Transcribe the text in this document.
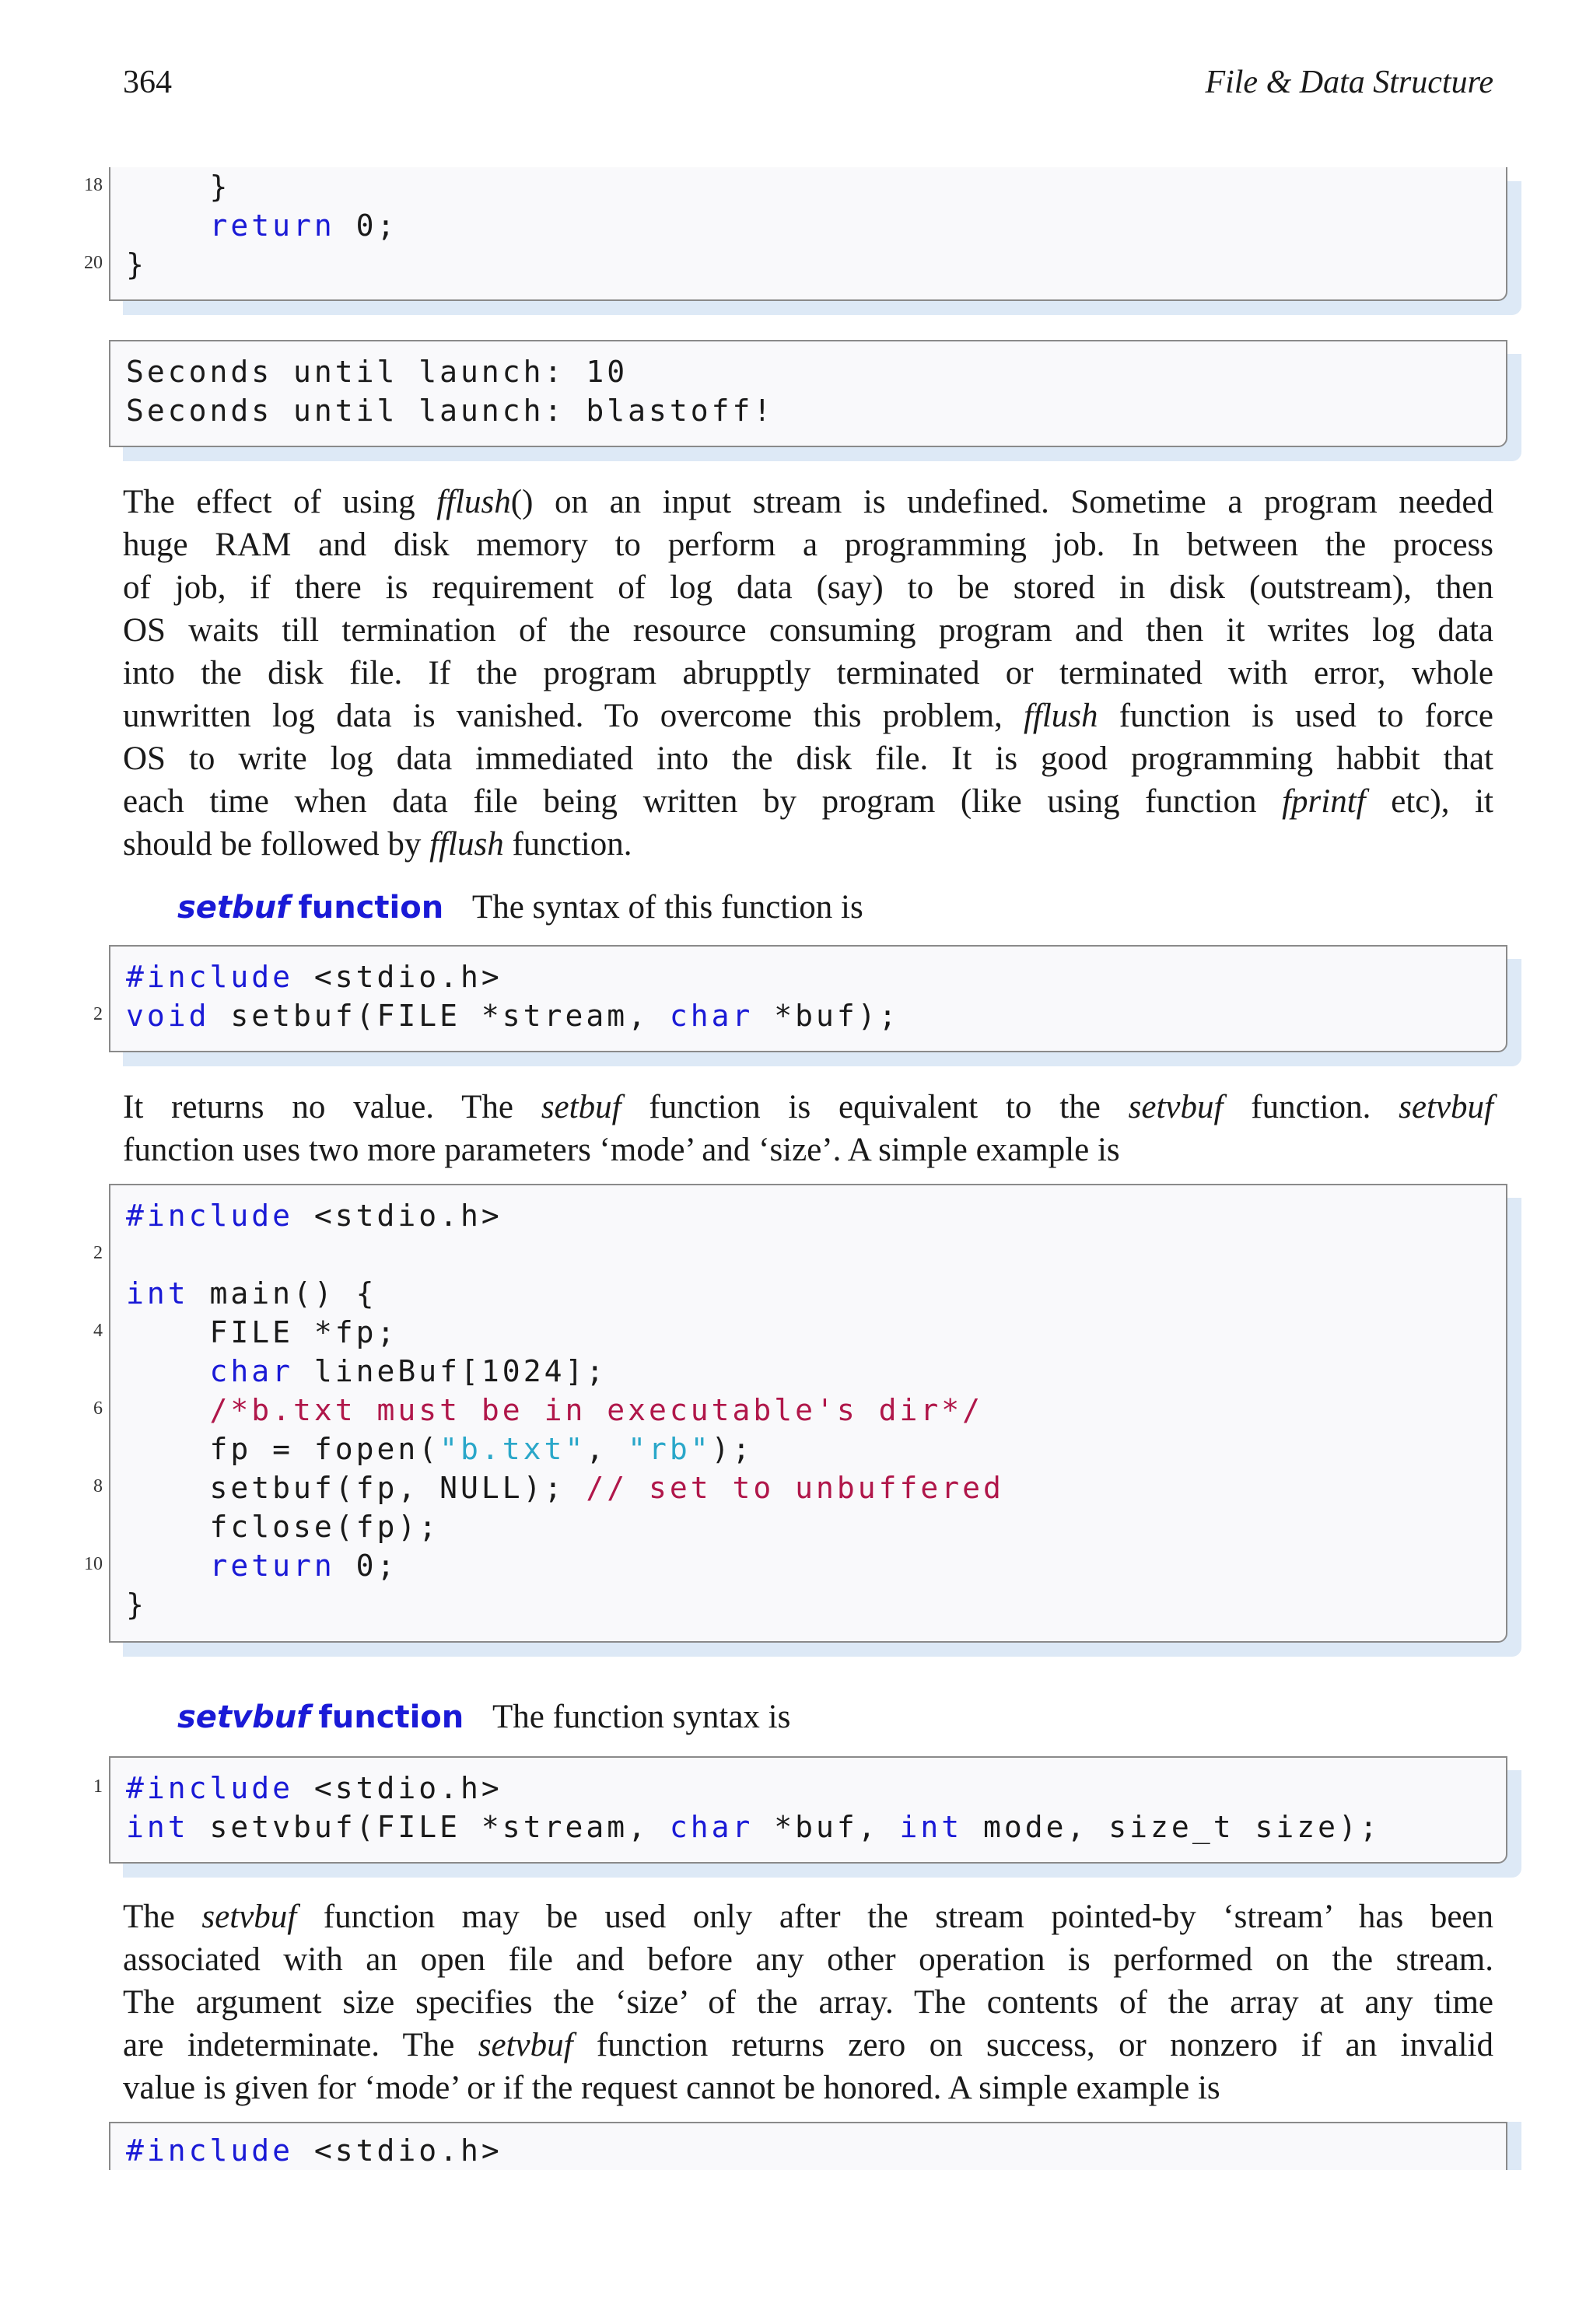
364	File & Data Structure
}
18
return 0;
}
20
Seconds until launch: 10
Seconds until launch: blastoff!
The effect of using fflush() on an input stream is undefined. Sometime a program needed
huge RAM and disk memory to perform a programming job. In between the process
of job, if there is requirement of log data (say) to be stored in disk (outstream), then
OS waits till termination of the resource consuming program and then it writes log data
into the disk file. If the program abrupptly terminated or terminated with error, whole
unwritten log data is vanished. To overcome this problem, fflush function is used to force
OS to write log data immediated into the disk file. It is good programming habbit that
each time when data file being written by program (like using function fprintf etc), it
should be followed by fflush function.
setbuf function The syntax of this function is
#include <stdio.h>
void setbuf(FILE *stream, char *buf);
2
It returns no value. The setbuf function is equivalent to the setvbuf function. setvbuf
function uses two more parameters ‘mode’ and ‘size’. A simple example is
#include <stdio.h>
2
int main() {
FILE *fp;
4
char lineBuf[1024];
/*b.txt must be in executable's dir*/
6
fp = fopen("b.txt", "rb");
setbuf(fp, NULL); // set to unbuffered
8
fclose(fp);
return 0;
10
}
setvbuf function The function syntax is
#include <stdio.h>
1
int setvbuf(FILE *stream, char *buf, int mode, size_t size);
The setvbuf function may be used only after the stream pointed-by ‘stream’ has been
associated with an open file and before any other operation is performed on the stream.
The argument size specifies the ‘size’ of the array. The contents of the array at any time
are indeterminate. The setvbuf function returns zero on success, or nonzero if an invalid
value is given for ‘mode’ or if the request cannot be honored. A simple example is
#include <stdio.h>
